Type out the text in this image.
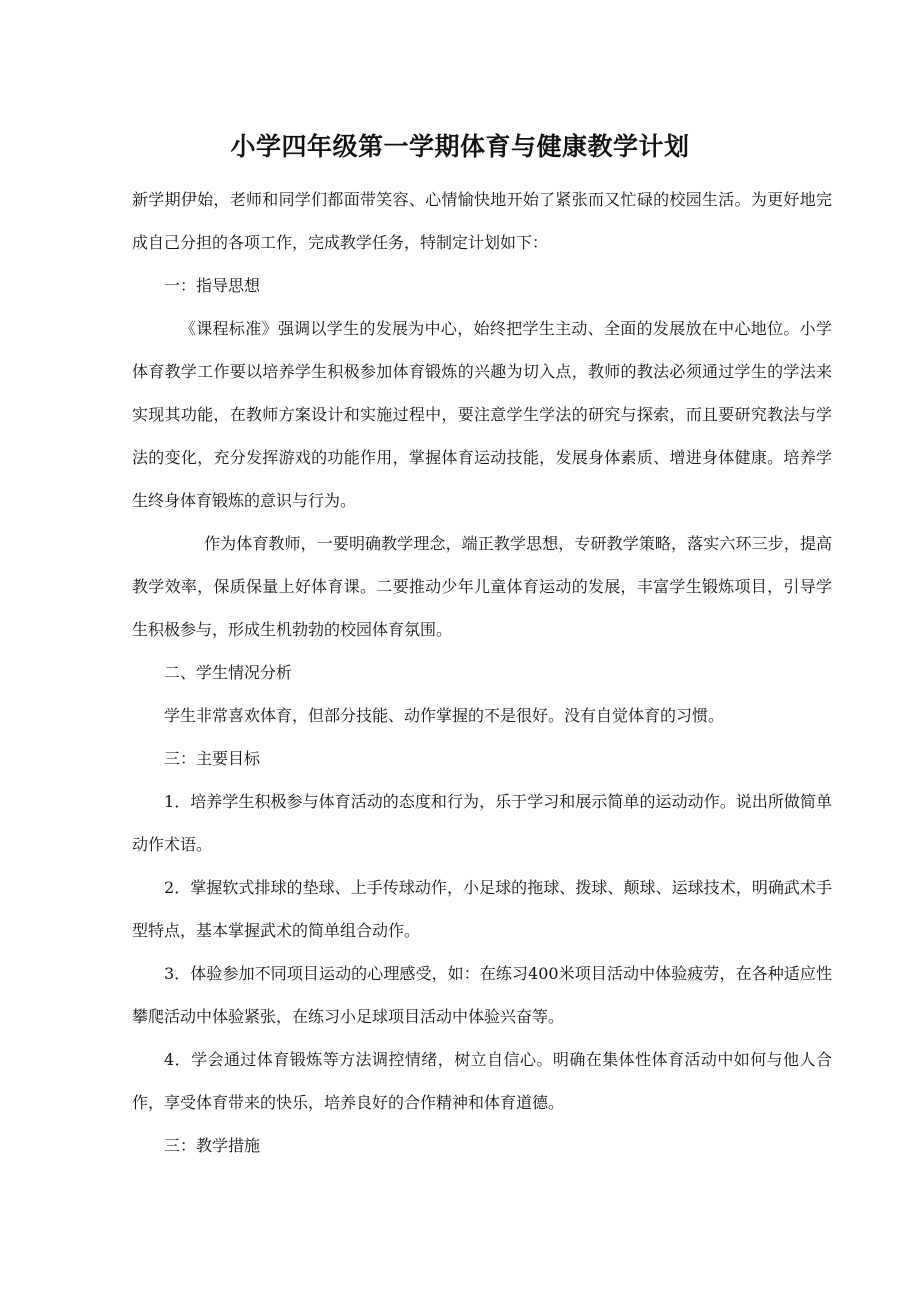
小学四年级第一学期体育与健康教学计划

新学期伊始，老师和同学们都面带笑容、心情愉快地开始了紧张而又忙碌的校园生活。为更好地完成自己分担的各项工作，完成教学任务，特制定计划如下：

一：指导思想

《课程标准》强调以学生的发展为中心，始终把学生主动、全面的发展放在中心地位。小学体育教学工作要以培养学生积极参加体育锻炼的兴趣为切入点，教师的教法必须通过学生的学法来实现其功能，在教师方案设计和实施过程中，要注意学生学法的研究与探索，而且要研究教法与学法的变化，充分发挥游戏的功能作用，掌握体育运动技能，发展身体素质、增进身体健康。培养学生终身体育锻炼的意识与行为。

作为体育教师，一要明确教学理念，端正教学思想，专研教学策略，落实六环三步，提高教学效率，保质保量上好体育课。二要推动少年儿童体育运动的发展，丰富学生锻炼项目，引导学生积极参与，形成生机勃勃的校园体育氛围。

二、学生情况分析

学生非常喜欢体育，但部分技能、动作掌握的不是很好。没有自觉体育的习惯。

三：主要目标

1．培养学生积极参与体育活动的态度和行为，乐于学习和展示简单的运动动作。说出所做简单动作术语。

2．掌握软式排球的垫球、上手传球动作，小足球的拖球、拨球、颠球、运球技术，明确武术手型特点，基本掌握武术的简单组合动作。

3．体验参加不同项目运动的心理感受，如：在练习400米项目活动中体验疲劳，在各种适应性攀爬活动中体验紧张，在练习小足球项目活动中体验兴奋等。

4．学会通过体育锻炼等方法调控情绪，树立自信心。明确在集体性体育活动中如何与他人合作，享受体育带来的快乐，培养良好的合作精神和体育道德。

三：教学措施
